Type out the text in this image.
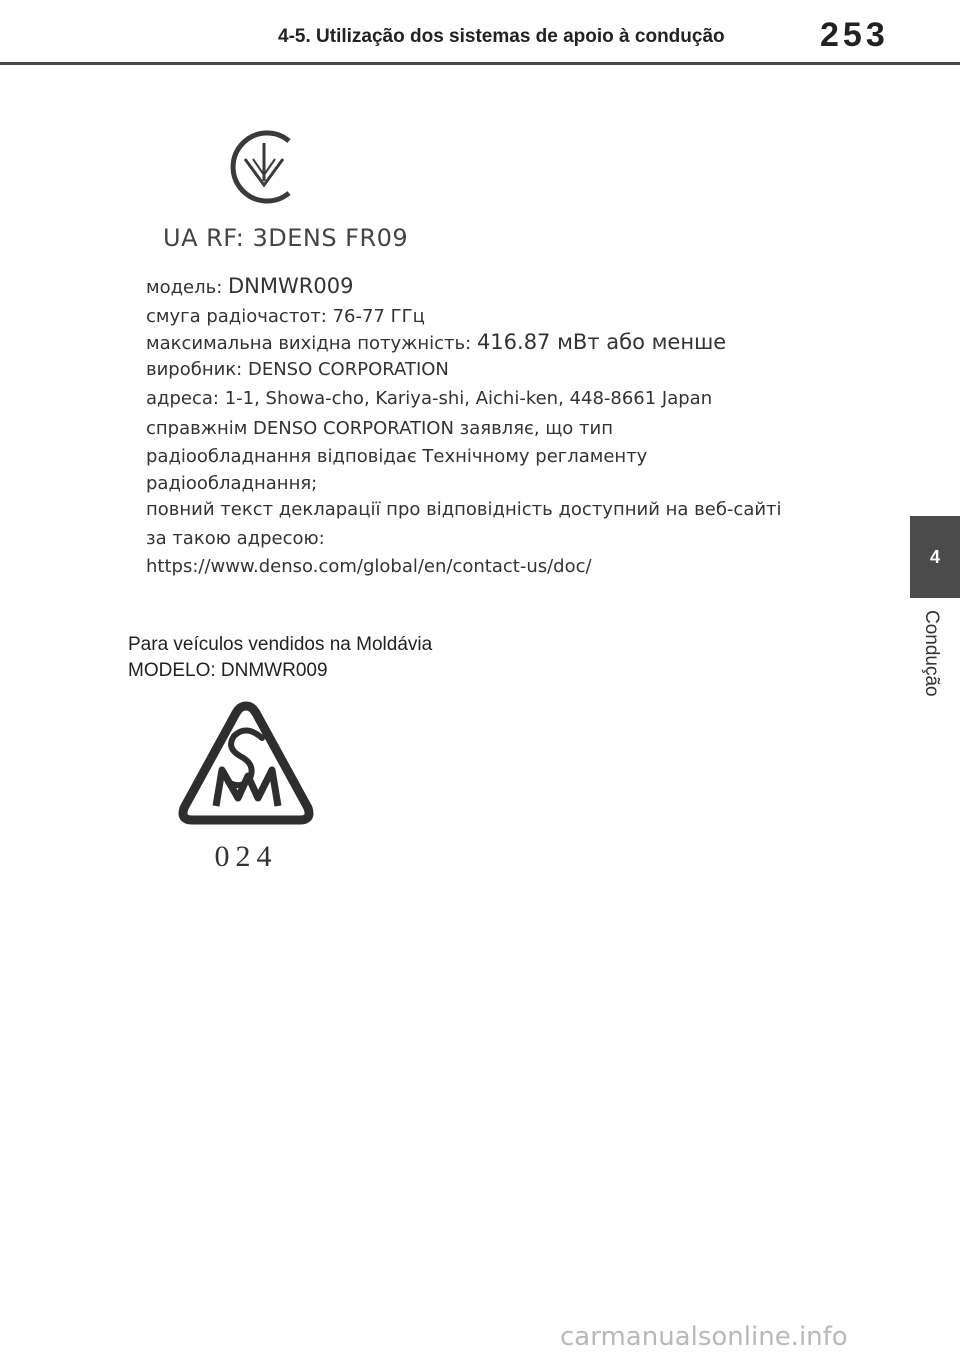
4-5. Utilização dos sistemas de apoio à condução	253
4
Condução
UA RF: 3DENS FR09
модель: DNMWR009
смуга радіочастот: 76-77 ГГц
максимальна вихідна потужність: 416.87 мВт або менше
виробник: DENSO CORPORATION
адреса: 1-1, Showa-cho, Kariya-shi, Aichi-ken, 448-8661 Japan
справжнім DENSO CORPORATION заявляє, що тип
радіообладнання відповідає Технічному регламенту
радіообладнання;
повний текст декларації про відповідність доступний на веб-сайті
за такою адресою:
https://www.denso.com/global/en/contact-us/doc/
Para veículos vendidos na Moldávia
MODELO: DNMWR009
024
carmanualsonline.info
